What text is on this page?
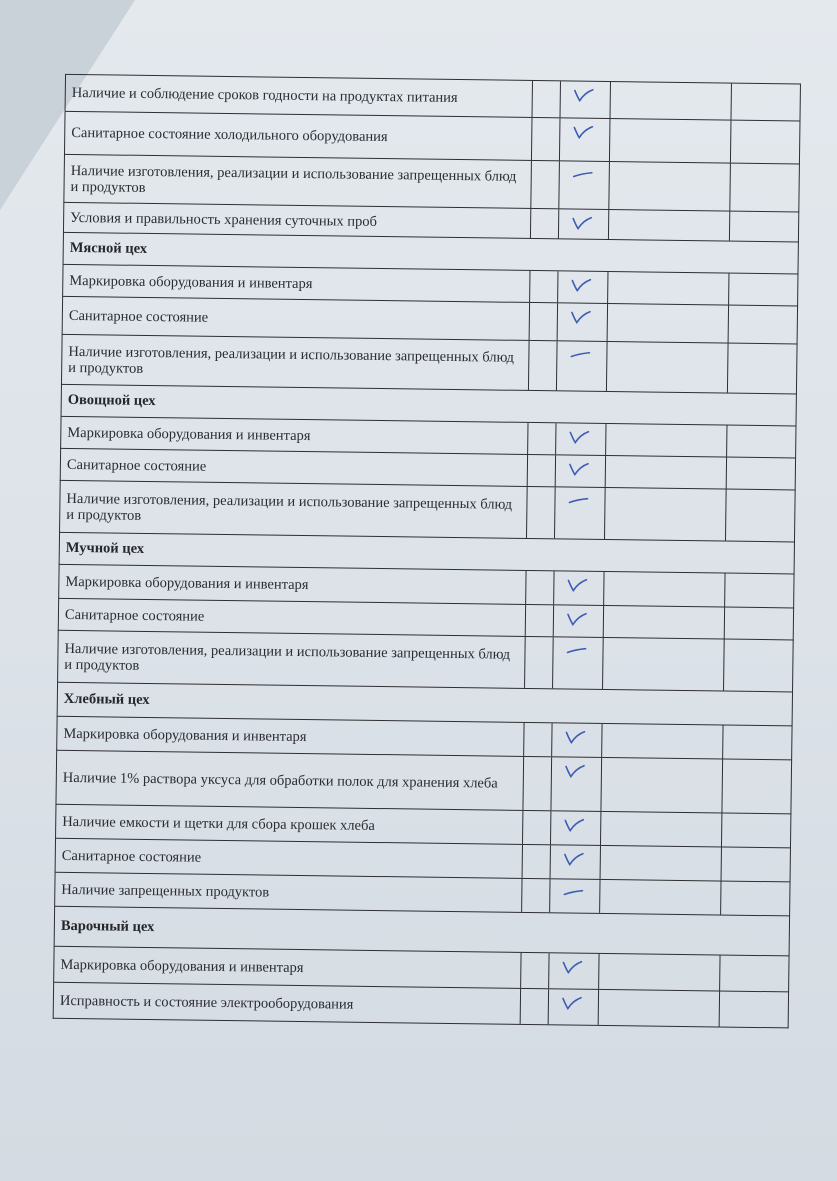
Наличие и соблюдение сроков годности на продуктах питания
Санитарное состояние холодильного оборудования
Наличие изготовления, реализации и использование запрещенных блюд и продуктов
Условия и правильность хранения суточных проб
Мясной цех
Маркировка оборудования и инвентаря
Санитарное состояние
Наличие изготовления, реализации и использование запрещенных блюд и продуктов
Овощной цех
Маркировка оборудования и инвентаря
Санитарное состояние
Наличие изготовления, реализации и использование запрещенных блюд и продуктов
Мучной цех
Маркировка оборудования и инвентаря
Санитарное состояние
Наличие изготовления, реализации и использование запрещенных блюд и продуктов
Хлебный цех
Маркировка оборудования и инвентаря
Наличие 1% раствора уксуса для обработки полок для хранения хлеба
Наличие емкости и щетки для сбора крошек хлеба
Санитарное состояние
Наличие запрещенных продуктов
Варочный цех
Маркировка оборудования и инвентаря
Исправность и состояние электрооборудования
